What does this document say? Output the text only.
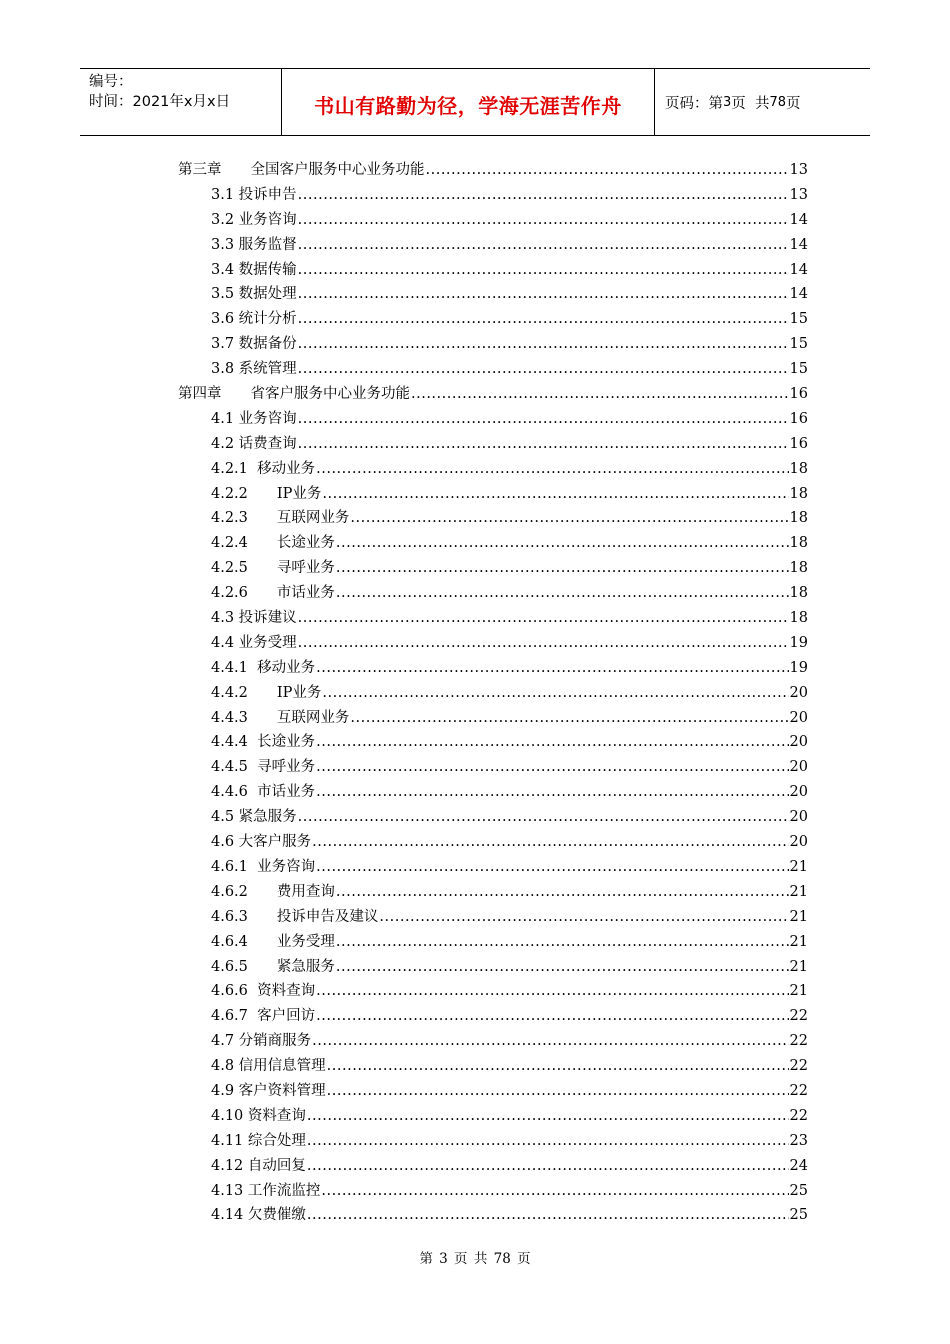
编号：
时间：2021年x月x日	书山有路勤为径，学海无涯苦作舟	页码：第 3 页  共 78 页
第三章　　全国客户服务中心业务功能 .....	13
3.1 投诉申告 .....	13
3.2 业务咨询 .....	14
3.3 服务监督 .....	14
3.4 数据传输 .....	14
3.5 数据处理 .....	14
3.6 统计分析 .....	15
3.7 数据备份 .....	15
3.8 系统管理 .....	15
第四章　　省客户服务中心业务功能 .....	16
4.1 业务咨询 .....	16
4.2 话费查询 .....	16
4.2.1  移动业务 .....	18
4.2.2　　IP业务 .....	18
4.2.3　　互联网业务 .....	18
4.2.4　　长途业务 .....	18
4.2.5　　寻呼业务 .....	18
4.2.6　　市话业务 .....	18
4.3 投诉建议 .....	18
4.4 业务受理 .....	19
4.4.1  移动业务 .....	19
4.4.2　　IP业务 .....	20
4.4.3　　互联网业务 .....	20
4.4.4  长途业务 .....	20
4.4.5  寻呼业务 .....	20
4.4.6  市话业务 .....	20
4.5 紧急服务 .....	20
4.6 大客户服务 .....	20
4.6.1  业务咨询 .....	21
4.6.2　　费用查询 .....	21
4.6.3　　投诉申告及建议 .....	21
4.6.4　　业务受理 .....	21
4.6.5　　紧急服务 .....	21
4.6.6  资料查询 .....	21
4.6.7  客户回访 .....	22
4.7 分销商服务 .....	22
4.8 信用信息管理 .....	22
4.9 客户资料管理 .....	22
4.10 资料查询 .....	22
4.11 综合处理 .....	23
4.12 自动回复 .....	24
4.13 工作流监控 .....	25
4.14 欠费催缴 .....	25
第 3 页 共 78 页
